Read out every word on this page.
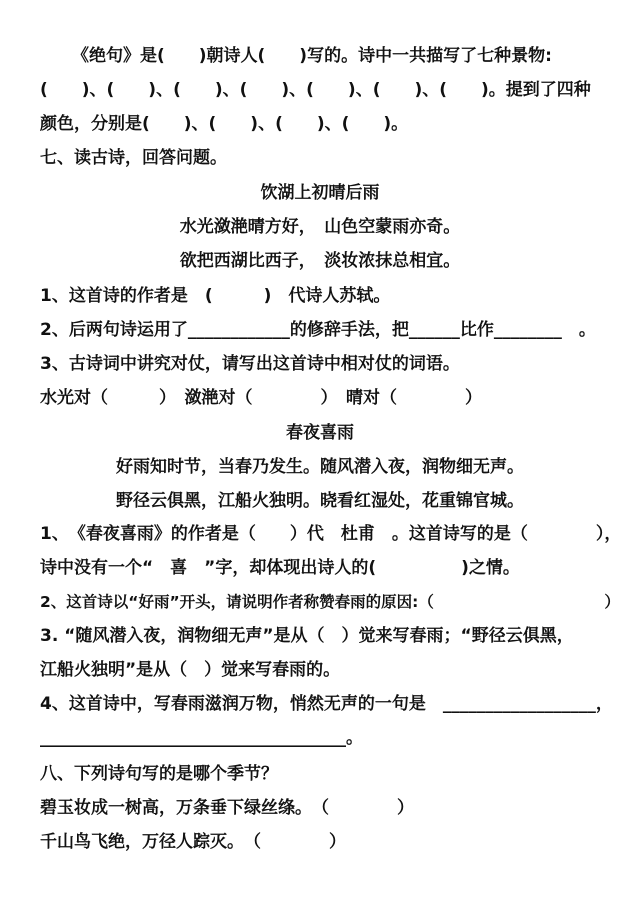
《绝句》是(　　)朝诗人(　　)写的。诗中一共描写了七种景物:
(　　)、(　　)、(　　)、(　　)、(　　)、(　　)、(　　)。提到了四种
颜色，分别是(　　)、(　　)、(　　)、(　　)。
七、读古诗，回答问题。
饮湖上初晴后雨
水光潋滟晴方好，　山色空蒙雨亦奇。
欲把西湖比西子，　淡妆浓抹总相宜。
1、这首诗的作者是　(　　　)　代诗人苏轼。
2、后两句诗运用了____________的修辞手法，把______比作________　。
3、古诗词中讲究对仗，请写出这首诗中相对仗的词语。
水光对（　　　）　潋滟对（　　　　）　晴对（　　　　）
春夜喜雨
好雨知时节，当春乃发生。随风潜入夜，润物细无声。
野径云俱黑，江船火独明。晓看红湿处，花重锦官城。
1、　《春夜喜雨》的作者是（　　）代　杜甫　。这首诗写的是（　　　　），
诗中没有一个“　喜　”字，却体现出诗人的(　　　　　)之情。
2、这首诗以“好雨”开头，请说明作者称赞春雨的原因:（　　　　　　　　　　　）
3. “随风潜入夜，润物细无声”是从（　）觉来写春雨；“野径云俱黑，
江船火独明”是从（　）觉来写春雨的。
4、这首诗中，写春雨滋润万物，悄然无声的一句是　__________________，
____________________________________。
八、下列诗句写的是哪个季节？
碧玉妆成一树高，万条垂下绿丝绦。　（　　　　）
千山鸟飞绝，万径人踪灭。　（　　　　）
